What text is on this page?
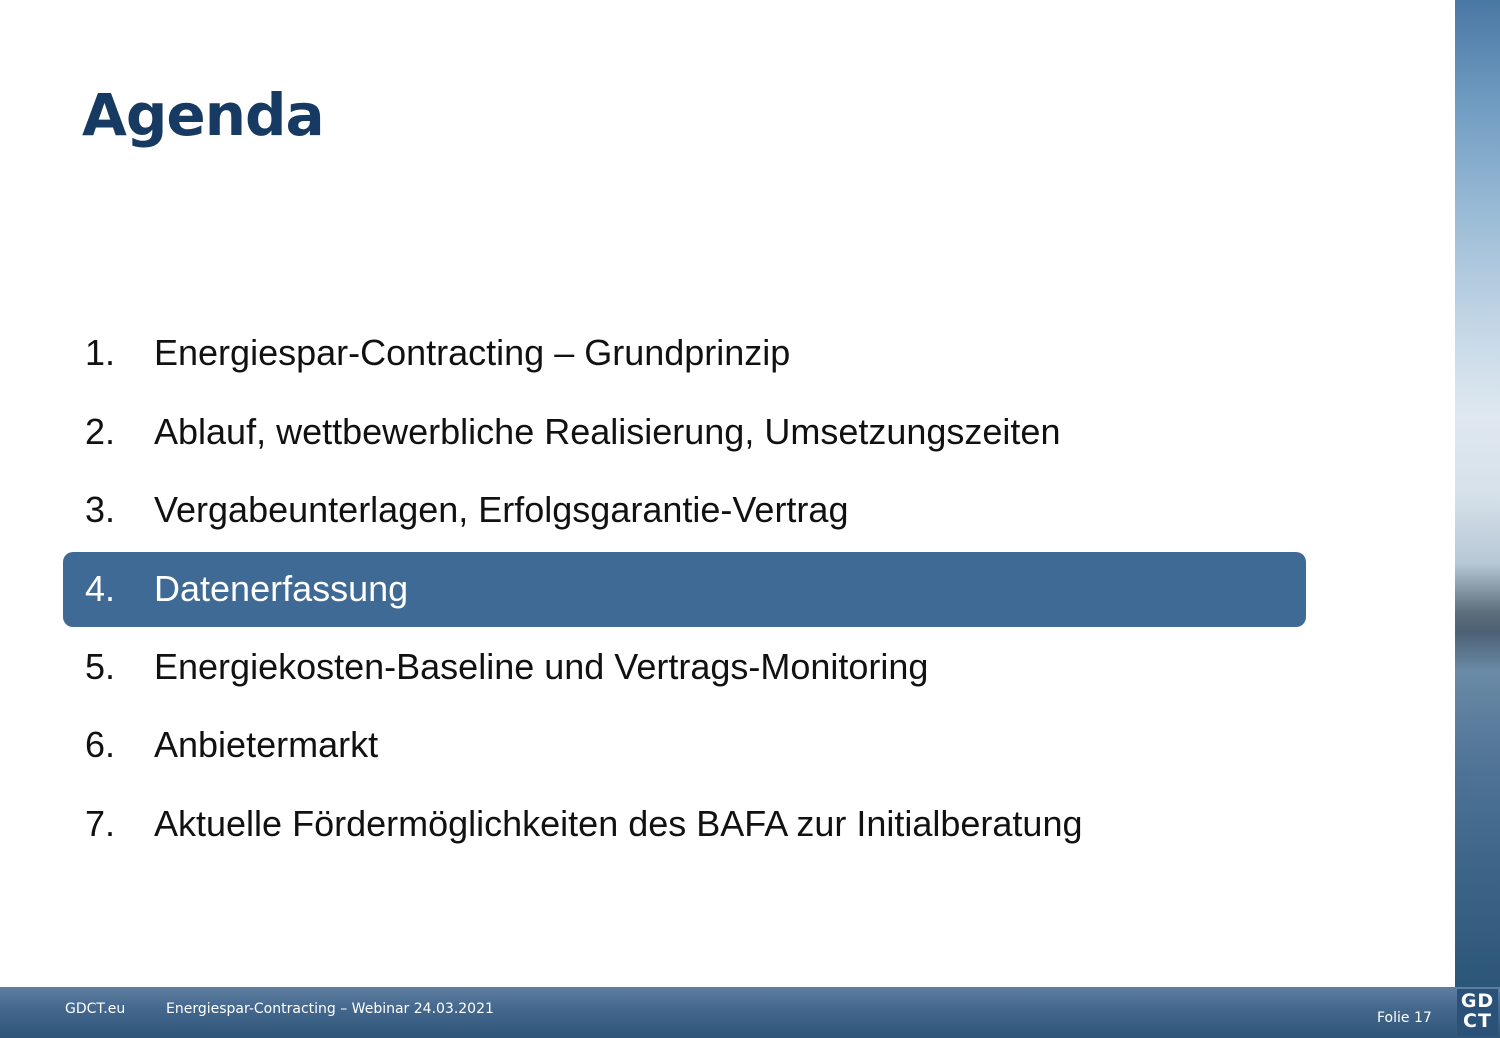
Agenda
1. Energiespar-Contracting – Grundprinzip
2. Ablauf, wettbewerbliche Realisierung, Umsetzungszeiten
3. Vergabeunterlagen, Erfolgsgarantie-Vertrag
4. Datenerfassung
5. Energiekosten-Baseline und Vertrags-Monitoring
6. Anbietermarkt
7. Aktuelle Fördermöglichkeiten des BAFA zur Initialberatung
GDCT.eu	Energiespar-Contracting – Webinar 24.03.2021
Folie 17
GD
CT
